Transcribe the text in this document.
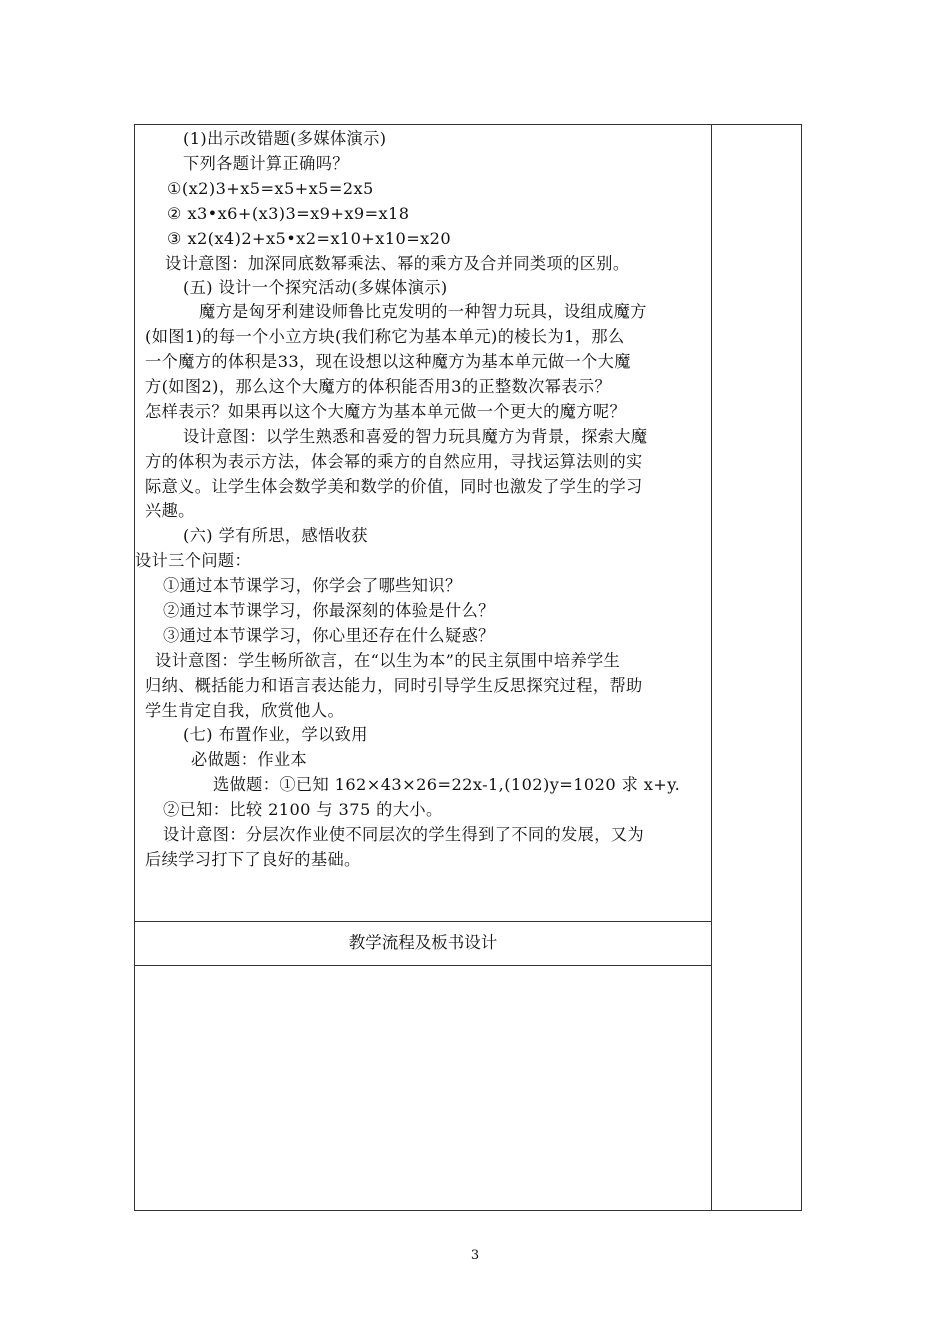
(1)出示改错题(多媒体演示)
下列各题计算正确吗？
①(x2)3+x5=x5+x5=2x5
② x3•x6+(x3)3=x9+x9=x18
③ x2(x4)2+x5•x2=x10+x10=x20
设计意图：加深同底数幂乘法、幂的乘方及合并同类项的区别。
(五) 设计一个探究活动(多媒体演示)
魔方是匈牙利建设师鲁比克发明的一种智力玩具，设组成魔方
(如图1)的每一个小立方块(我们称它为基本单元)的棱长为1，那么
一个魔方的体积是33，现在设想以这种魔方为基本单元做一个大魔
方(如图2)，那么这个大魔方的体积能否用3的正整数次幂表示？
怎样表示？如果再以这个大魔方为基本单元做一个更大的魔方呢？
设计意图：以学生熟悉和喜爱的智力玩具魔方为背景，探索大魔
方的体积为表示方法，体会幂的乘方的自然应用，寻找运算法则的实
际意义。让学生体会数学美和数学的价值，同时也激发了学生的学习
兴趣。
(六) 学有所思，感悟收获
设计三个问题：
①通过本节课学习，你学会了哪些知识？
②通过本节课学习，你最深刻的体验是什么？
③通过本节课学习，你心里还存在什么疑惑？
设计意图：学生畅所欲言，在“以生为本”的民主氛围中培养学生
归纳、概括能力和语言表达能力，同时引导学生反思探究过程，帮助
学生肯定自我，欣赏他人。
(七) 布置作业，学以致用
必做题：作业本
选做题：①已知 162×43×26=22x-1,(102)y=1020 求 x+y.
②已知：比较 2100 与 375 的大小。
设计意图：分层次作业使不同层次的学生得到了不同的发展，又为
后续学习打下了良好的基础。
教学流程及板书设计
3
